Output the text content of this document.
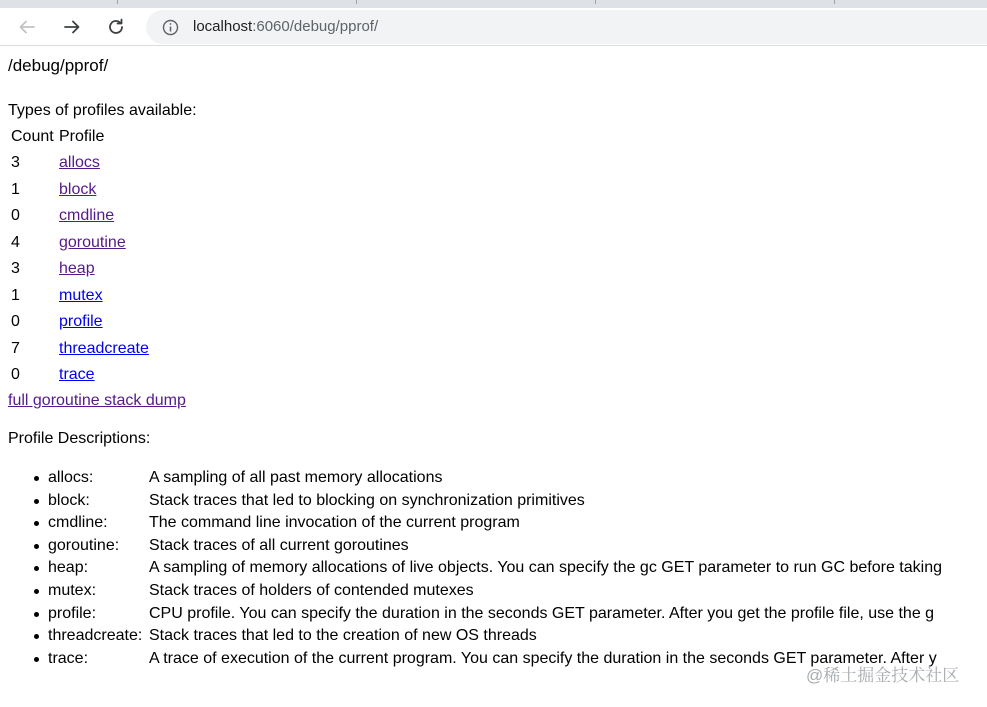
localhost:6060/debug/pprof/
/debug/pprof/
Types of profiles available:
Count	Profile
3	allocs
1	block
0	cmdline
4	goroutine
3	heap
1	mutex
0	profile
7	threadcreate
0	trace
full goroutine stack dump
Profile Descriptions:
allocs:	A sampling of all past memory allocations
block:	Stack traces that led to blocking on synchronization primitives
cmdline:	The command line invocation of the current program
goroutine: Stack traces of all current goroutines
heap:	A sampling of memory allocations of live objects. You can specify the gc GET parameter to run GC before taking
mutex:	Stack traces of holders of contended mutexes
profile:	CPU profile. You can specify the duration in the seconds GET parameter. After you get the profile file, use the g
threadcreate: Stack traces that led to the creation of new OS threads
trace:	A trace of execution of the current program. You can specify the duration in the seconds GET parameter. After y
@稀土掘金技术社区
